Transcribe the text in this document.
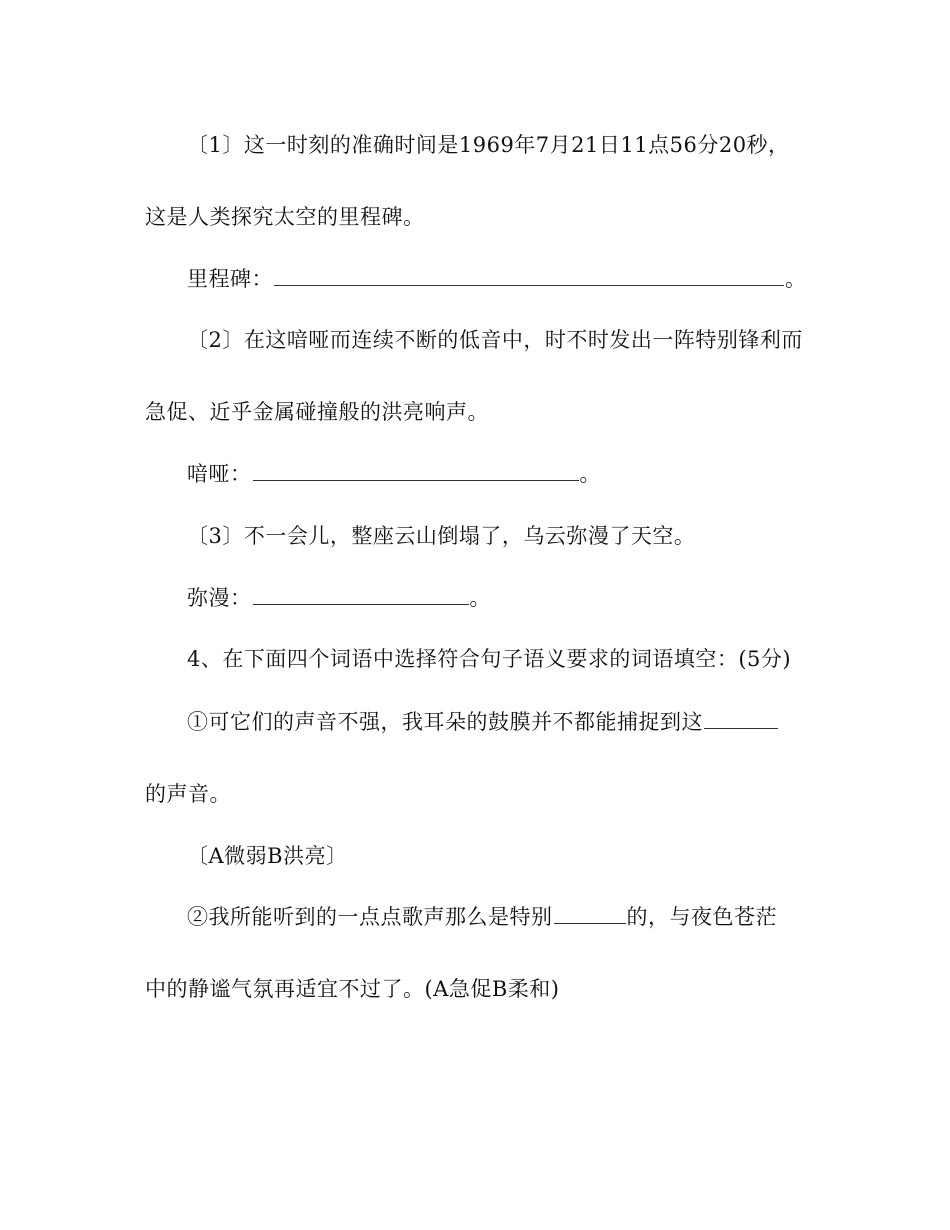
〔1〕这一时刻的准确时间是1969年7月21日11点56分20秒，
这是人类探究太空的里程碑。
里程碑：	。
〔2〕在这喑哑而连续不断的低音中，时不时发出一阵特别锋利而
急促、近乎金属碰撞般的洪亮响声。
喑哑：	。
〔3〕不一会儿，整座云山倒塌了，乌云弥漫了天空。
弥漫：	。
4、在下面四个词语中选择符合句子语义要求的词语填空：(5分)
①可它们的声音不强，我耳朵的鼓膜并不都能捕捉到这
的声音。
〔A微弱B洪亮〕
②我所能听到的一点点歌声那么是特别	的，与夜色苍茫
中的静谧气氛再适宜不过了。(A急促B柔和)
